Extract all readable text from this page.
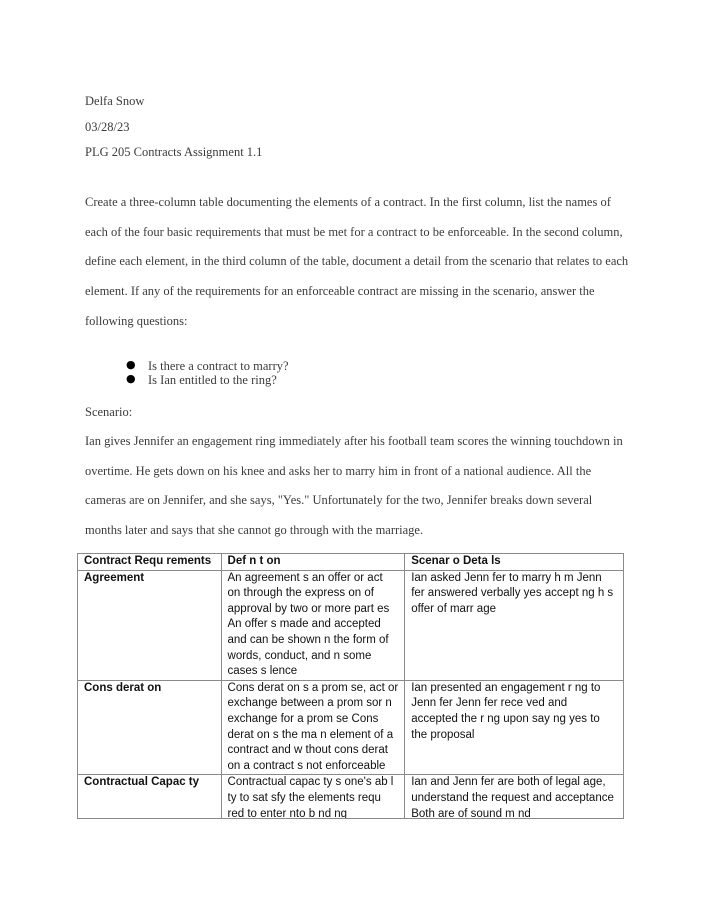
Delfa Snow
03/28/23
PLG 205 Contracts Assignment 1.1

Create a three-column table documenting the elements of a contract. In the first column, list the names of each of the four basic requirements that must be met for a contract to be enforceable. In the second column, define each element, in the third column of the table, document a detail from the scenario that relates to each element. If any of the requirements for an enforceable contract are missing in the scenario, answer the following questions:

● Is there a contract to marry?
● Is Ian entitled to the ring?
Scenario:

Ian gives Jennifer an engagement ring immediately after his football team scores the winning touchdown in overtime. He gets down on his knee and asks her to marry him in front of a national audience. All the cameras are on Jennifer, and she says, "Yes." Unfortunately for the two, Jennifer breaks down several months later and says that she cannot go through with the marriage.

Contract Requ rements	Def n t on	Scenar o Deta ls
Agreement	An agreement s an offer or act on through the express on of approval by two or more part es An offer s made and accepted and can be shown n the form of words, conduct, and n some cases s lence	Ian asked Jenn fer to marry h m Jenn fer answered verbally yes accept ng h s offer of marr age
Cons derat on	Cons derat on s a prom se, act or exchange between a prom sor n exchange for a prom se Cons derat on s the ma n element of a contract and w thout cons derat on a contract s not enforceable	Ian presented an engagement r ng to Jenn fer Jenn fer rece ved and accepted the r ng upon say ng yes to the proposal
Contractual Capac ty	Contractual capac ty s one's ab l ty to sat sfy the elements requ red to enter nto b nd ng	Ian and Jenn fer are both of legal age, understand the request and acceptance Both are of sound m nd
